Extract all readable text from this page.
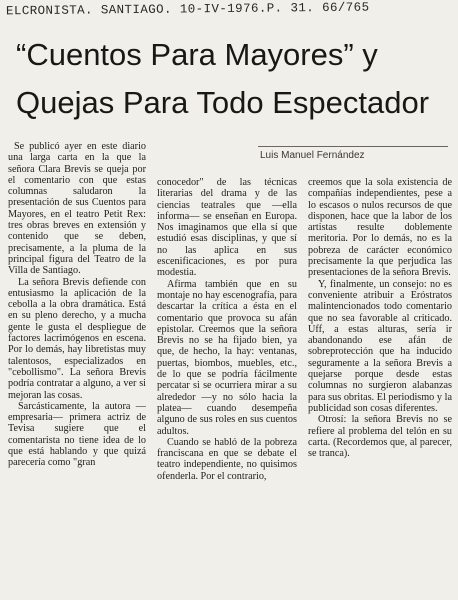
ELCRONISTA. SANTIAGO. 10-IV-1976.P. 31. 66/765
“Cuentos Para Mayores” y
Quejas Para Todo Espectador
Luis Manuel Fernández

Se publicó ayer en este diario una larga carta en la que la señora Clara Brevis se queja por el comentario con que estas columnas saludaron la presentación de sus Cuentos para Mayores, en el teatro Petit Rex: tres obras breves en extensión y contenido que se deben, precisamente, a la pluma de la principal figura del Teatro de la Villa de Santiago.

La señora Brevis defiende con entusiasmo la aplicación de la cebolla a la obra dramática. Está en su pleno derecho, y a mucha gente le gusta el despliegue de factores lacrimógenos en escena. Por lo demás, hay libretistas muy talentosos, especializados en "cebollismo". La señora Brevis podría contratar a alguno, a ver si mejoran las cosas.

Sarcásticamente, la autora —empresaria— primera actriz de Tevisa sugiere que el comentarista no tiene idea de lo que está hablando y que quizá parecería como "gran

conocedor" de las técnicas literarias del drama y de las ciencias teatrales que —ella informa— se enseñan en Europa. Nos imaginamos que ella sí que estudió esas disciplinas, y que sí no las aplica en sus escenificaciones, es por pura modestia.

Afirma también que en su montaje no hay escenografía, para descartar la crítica a ésta en el comentario que provoca su afán epistolar. Creemos que la señora Brevis no se ha fijado bien, ya que, de hecho, la hay: ventanas, puertas, biombos, muebles, etc., de lo que se podría fácilmente percatar si se ocurriera mirar a su alrededor —y no sólo hacia la platea— cuando desempeña alguno de sus roles en sus cuentos adultos.

Cuando se habló de la pobreza franciscana en que se debate el teatro independiente, no quisimos ofenderla. Por el contrario,

creemos que la sola existencia de compañías independientes, pese a lo escasos o nulos recursos de que disponen, hace que la labor de los artistas resulte doblemente meritoria. Por lo demás, no es la pobreza de carácter económico precisamente la que perjudica las presentaciones de la señora Brevis.

Y, finalmente, un consejo: no es conveniente atribuir a Eróstratos malintencionados todo comentario que no sea favorable al criticado. Uff, a estas alturas, sería ir abandonando ese afán de sobreprotección que ha inducido seguramente a la señora Brevis a quejarse porque desde estas columnas no surgieron alabanzas para sus obritas. El periodismo y la publicidad son cosas diferentes.

Otrosí: la señora Brevis no se refiere al problema del telón en su carta. (Recordemos que, al parecer, se tranca).
